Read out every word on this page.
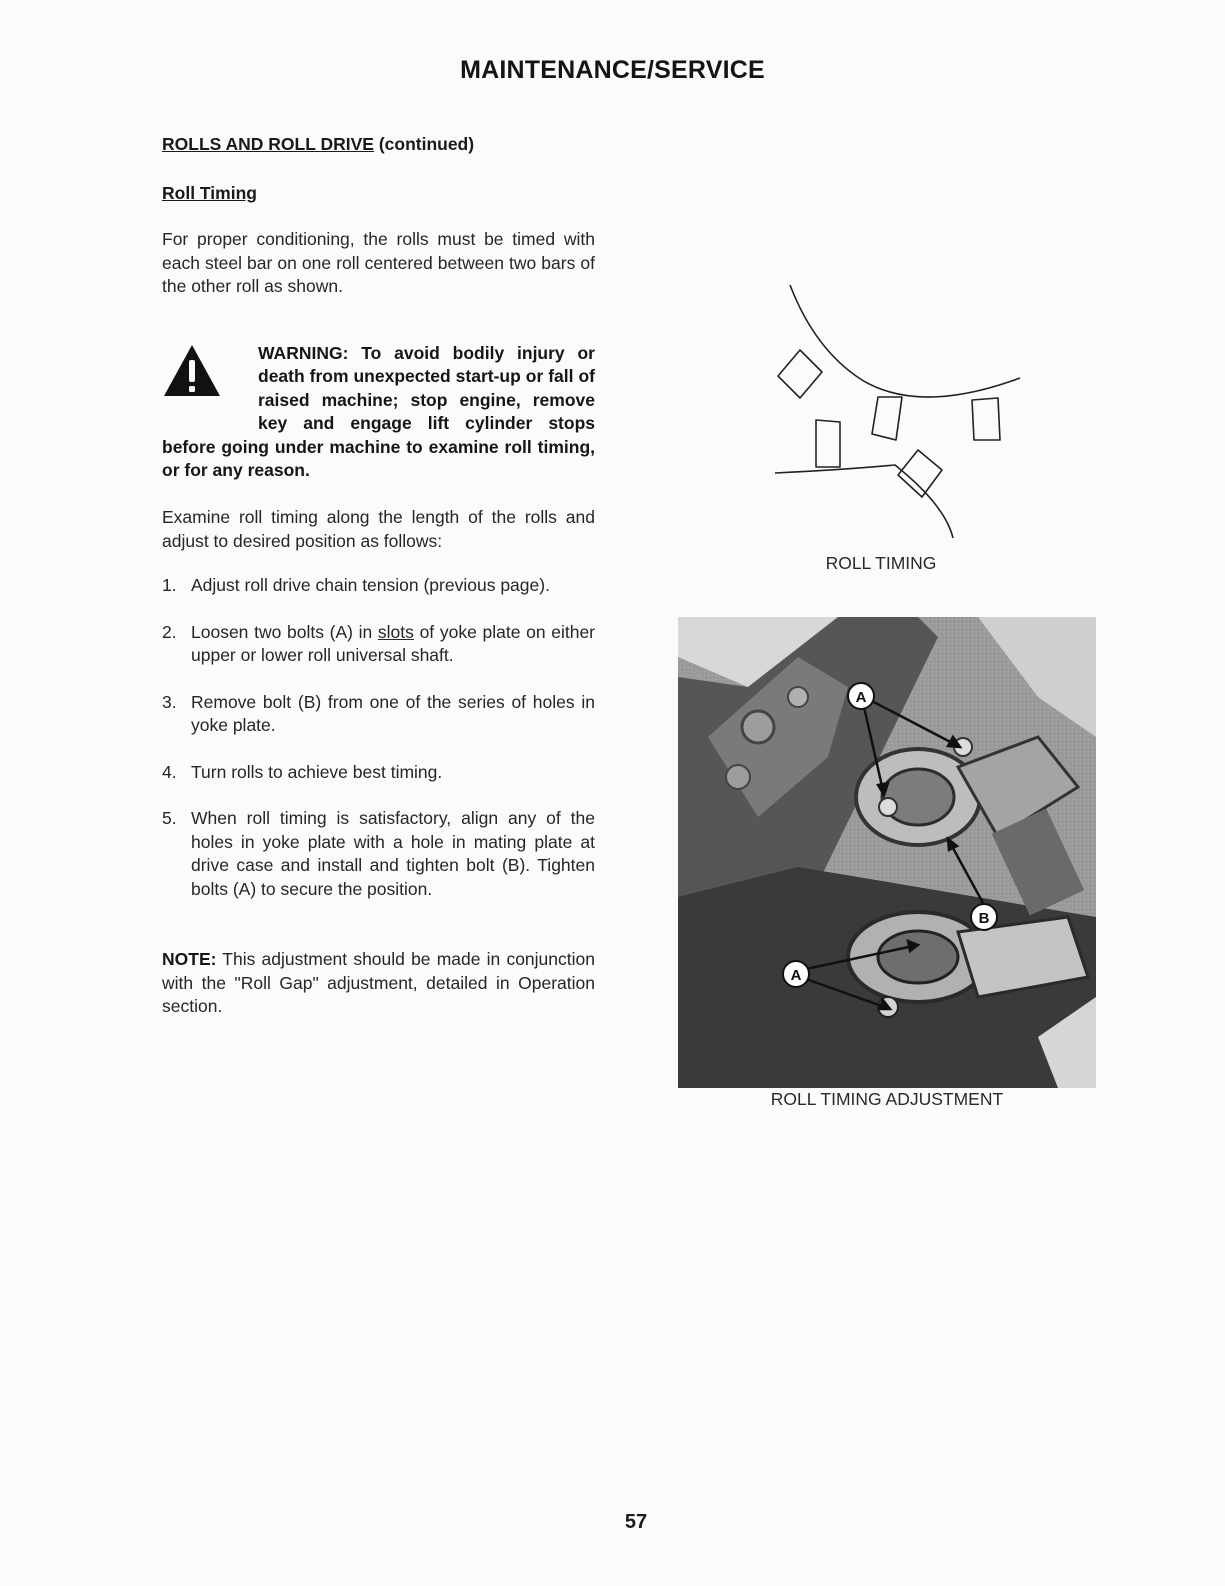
MAINTENANCE/SERVICE
ROLLS AND ROLL DRIVE (continued)
Roll Timing
For proper conditioning, the rolls must be timed with each steel bar on one roll centered between two bars of the other roll as shown.
WARNING: To avoid bodily injury or death from unexpected start-up or fall of raised machine; stop engine, remove key and engage lift cylinder stops before going under machine to examine roll timing, or for any reason.
Examine roll timing along the length of the rolls and adjust to desired position as follows:
1. Adjust roll drive chain tension (previous page).
2. Loosen two bolts (A) in slots of yoke plate on either upper or lower roll universal shaft.
3. Remove bolt (B) from one of the series of holes in yoke plate.
4. Turn rolls to achieve best timing.
5. When roll timing is satisfactory, align any of the holes in yoke plate with a hole in mating plate at drive case and install and tighten bolt (B). Tighten bolts (A) to secure the position.
NOTE: This adjustment should be made in conjunction with the "Roll Gap" adjustment, detailed in Operation section.
ROLL TIMING
A
B
A
ROLL TIMING ADJUSTMENT
57
